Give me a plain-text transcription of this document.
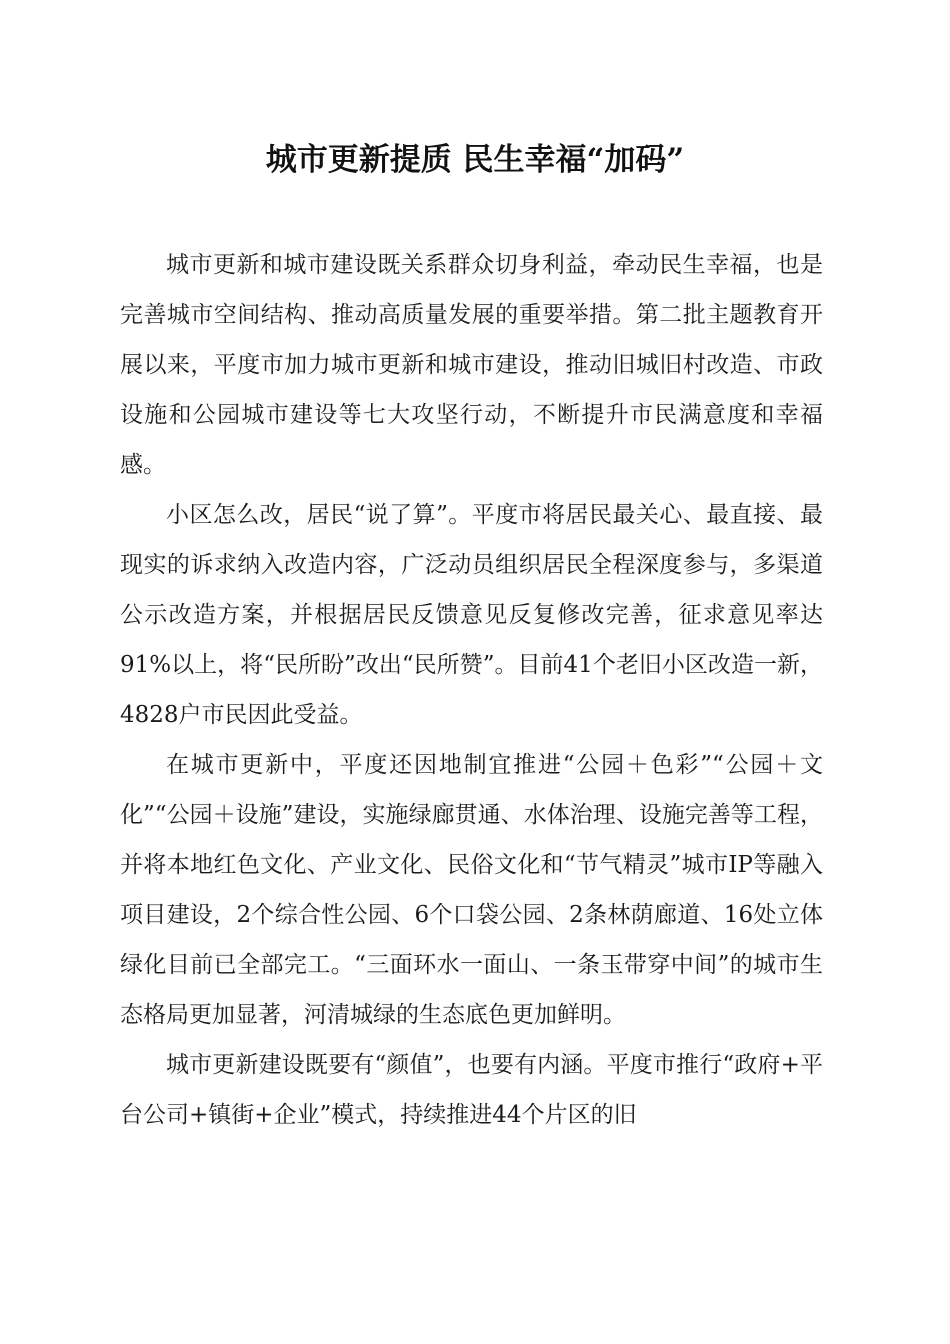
城市更新提质 民生幸福“加码”

城市更新和城市建设既关系群众切身利益，牵动民生幸福，也是完善城市空间结构、推动高质量发展的重要举措。第二批主题教育开展以来，平度市加力城市更新和城市建设，推动旧城旧村改造、市政设施和公园城市建设等七大攻坚行动，不断提升市民满意度和幸福感。

小区怎么改，居民“说了算”。平度市将居民最关心、最直接、最现实的诉求纳入改造内容，广泛动员组织居民全程深度参与，多渠道公示改造方案，并根据居民反馈意见反复修改完善，征求意见率达91%以上，将“民所盼”改出“民所赞”。目前41个老旧小区改造一新，4828户市民因此受益。

在城市更新中，平度还因地制宜推进“公园＋色彩”“公园＋文化”“公园＋设施”建设，实施绿廊贯通、水体治理、设施完善等工程，并将本地红色文化、产业文化、民俗文化和“节气精灵”城市IP等融入项目建设，2个综合性公园、6个口袋公园、2条林荫廊道、16处立体绿化目前已全部完工。“三面环水一面山、一条玉带穿中间”的城市生态格局更加显著，河清城绿的生态底色更加鲜明。

城市更新建设既要有“颜值”，也要有内涵。平度市推行“政府+平台公司+镇街+企业”模式，持续推进44个片区的旧
